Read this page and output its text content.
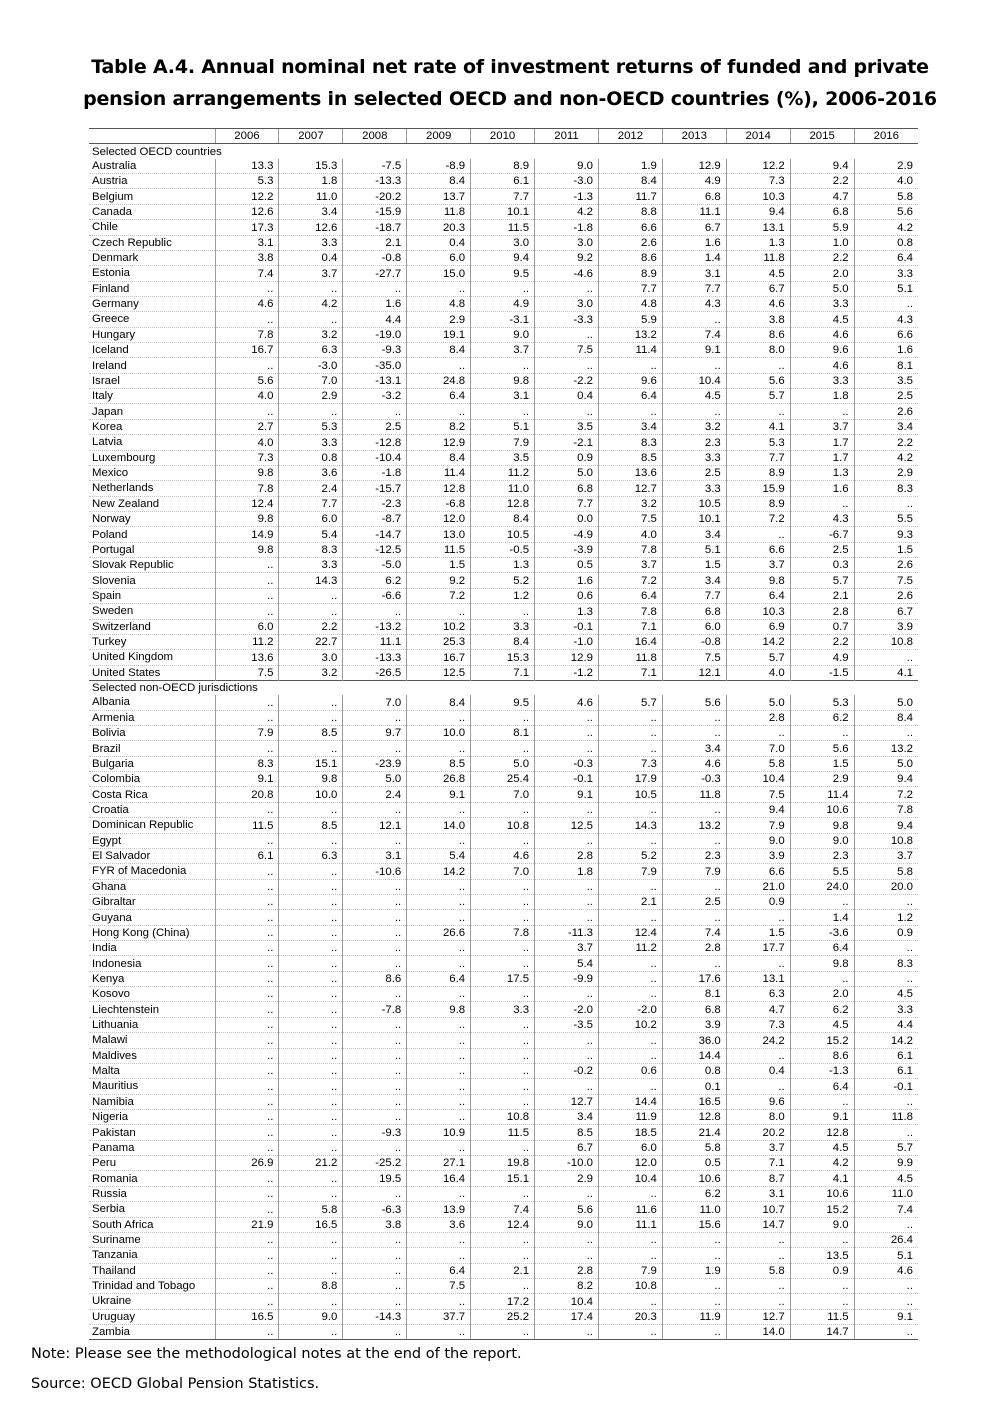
Table A.4. Annual nominal net rate of investment returns of funded and private pension arrangements in selected OECD and non-OECD countries (%), 2006-2016
	2006	2007	2008	2009	2010	2011	2012	2013	2014	2015	2016
Selected OECD countries											
Australia	13.3	15.3	-7.5	-8.9	8.9	9.0	1.9	12.9	12.2	9.4	2.9
Austria	5.3	1.8	-13.3	8.4	6.1	-3.0	8.4	4.9	7.3	2.2	4.0
Belgium	12.2	11.0	-20.2	13.7	7.7	-1.3	11.7	6.8	10.3	4.7	5.8
Canada	12.6	3.4	-15.9	11.8	10.1	4.2	8.8	11.1	9.4	6.8	5.6
Chile	17.3	12.6	-18.7	20.3	11.5	-1.8	6.6	6.7	13.1	5.9	4.2
Czech Republic	3.1	3.3	2.1	0.4	3.0	3.0	2.6	1.6	1.3	1.0	0.8
Denmark	3.8	0.4	-0.8	6.0	9.4	9.2	8.6	1.4	11.8	2.2	6.4
Estonia	7.4	3.7	-27.7	15.0	9.5	-4.6	8.9	3.1	4.5	2.0	3.3
Finland	..	..	..	..	..	..	7.7	7.7	6.7	5.0	5.1
Germany	4.6	4.2	1.6	4.8	4.9	3.0	4.8	4.3	4.6	3.3	..
Greece	..	..	4.4	2.9	-3.1	-3.3	5.9	..	3.8	4.5	4.3
Hungary	7.8	3.2	-19.0	19.1	9.0	..	13.2	7.4	8.6	4.6	6.6
Iceland	16.7	6.3	-9.3	8.4	3.7	7.5	11.4	9.1	8.0	9.6	1.6
Ireland	..	-3.0	-35.0	..	..	..	..	..	..	4.6	8.1
Israel	5.6	7.0	-13.1	24.8	9.8	-2.2	9.6	10.4	5.6	3.3	3.5
Italy	4.0	2.9	-3.2	6.4	3.1	0.4	6.4	4.5	5.7	1.8	2.5
Japan	..	..	..	..	..	..	..	..	..	..	2.6
Korea	2.7	5.3	2.5	8.2	5.1	3.5	3.4	3.2	4.1	3.7	3.4
Latvia	4.0	3.3	-12.8	12.9	7.9	-2.1	8.3	2.3	5.3	1.7	2.2
Luxembourg	7.3	0.8	-10.4	8.4	3.5	0.9	8.5	3.3	7.7	1.7	4.2
Mexico	9.8	3.6	-1.8	11.4	11.2	5.0	13.6	2.5	8.9	1.3	2.9
Netherlands	7.8	2.4	-15.7	12.8	11.0	6.8	12.7	3.3	15.9	1.6	8.3
New Zealand	12.4	7.7	-2.3	-6.8	12.8	7.7	3.2	10.5	8.9	..	..
Norway	9.8	6.0	-8.7	12.0	8.4	0.0	7.5	10.1	7.2	4.3	5.5
Poland	14.9	5.4	-14.7	13.0	10.5	-4.9	4.0	3.4	..	-6.7	9.3
Portugal	9.8	8.3	-12.5	11.5	-0.5	-3.9	7.8	5.1	6.6	2.5	1.5
Slovak Republic	..	3.3	-5.0	1.5	1.3	0.5	3.7	1.5	3.7	0.3	2.6
Slovenia	..	14.3	6.2	9.2	5.2	1.6	7.2	3.4	9.8	5.7	7.5
Spain	..	..	-6.6	7.2	1.2	0.6	6.4	7.7	6.4	2.1	2.6
Sweden	..	..	..	..	..	1.3	7.8	6.8	10.3	2.8	6.7
Switzerland	6.0	2.2	-13.2	10.2	3.3	-0.1	7.1	6.0	6.9	0.7	3.9
Turkey	11.2	22.7	11.1	25.3	8.4	-1.0	16.4	-0.8	14.2	2.2	10.8
United Kingdom	13.6	3.0	-13.3	16.7	15.3	12.9	11.8	7.5	5.7	4.9	..
United States	7.5	3.2	-26.5	12.5	7.1	-1.2	7.1	12.1	4.0	-1.5	4.1
Selected non-OECD jurisdictions											
Albania	..	..	7.0	8.4	9.5	4.6	5.7	5.6	5.0	5.3	5.0
Armenia	..	..	..	..	..	..	..	..	2.8	6.2	8.4
Bolivia	7.9	8.5	9.7	10.0	8.1	..	..	..	..	..	..
Brazil	..	..	..	..	..	..	..	3.4	7.0	5.6	13.2
Bulgaria	8.3	15.1	-23.9	8.5	5.0	-0.3	7.3	4.6	5.8	1.5	5.0
Colombia	9.1	9.8	5.0	26.8	25.4	-0.1	17.9	-0.3	10.4	2.9	9.4
Costa Rica	20.8	10.0	2.4	9.1	7.0	9.1	10.5	11.8	7.5	11.4	7.2
Croatia	..	..	..	..	..	..	..	..	9.4	10.6	7.8
Dominican Republic	11.5	8.5	12.1	14.0	10.8	12.5	14.3	13.2	7.9	9.8	9.4
Egypt	..	..	..	..	..	..	..	..	9.0	9.0	10.8
El Salvador	6.1	6.3	3.1	5.4	4.6	2.8	5.2	2.3	3.9	2.3	3.7
FYR of Macedonia	..	..	-10.6	14.2	7.0	1.8	7.9	7.9	6.6	5.5	5.8
Ghana	..	..	..	..	..	..	..	..	21.0	24.0	20.0
Gibraltar	..	..	..	..	..	..	2.1	2.5	0.9	..	..
Guyana	..	..	..	..	..	..	..	..	..	1.4	1.2
Hong Kong (China)	..	..	..	26.6	7.8	-11.3	12.4	7.4	1.5	-3.6	0.9
India	..	..	..	..	..	3.7	11.2	2.8	17.7	6.4	..
Indonesia	..	..	..	..	..	5.4	..	..	..	9.8	8.3
Kenya	..	..	8.6	6.4	17.5	-9.9	..	17.6	13.1	..	..
Kosovo	..	..	..	..	..	..	..	8.1	6.3	2.0	4.5
Liechtenstein	..	..	-7.8	9.8	3.3	-2.0	-2.0	6.8	4.7	6.2	3.3
Lithuania	..	..	..	..	..	-3.5	10.2	3.9	7.3	4.5	4.4
Malawi	..	..	..	..	..	..	..	36.0	24.2	15.2	14.2
Maldives	..	..	..	..	..	..	..	14.4	..	8.6	6.1
Malta	..	..	..	..	..	-0.2	0.6	0.8	0.4	-1.3	6.1
Mauritius	..	..	..	..	..	..	..	0.1	..	6.4	-0.1
Namibia	..	..	..	..	..	12.7	14.4	16.5	9.6	..	..
Nigeria	..	..	..	..	10.8	3.4	11.9	12.8	8.0	9.1	11.8
Pakistan	..	..	-9.3	10.9	11.5	8.5	18.5	21.4	20.2	12.8	..
Panama	..	..	..	..	..	6.7	6.0	5.8	3.7	4.5	5.7
Peru	26.9	21.2	-25.2	27.1	19.8	-10.0	12.0	0.5	7.1	4.2	9.9
Romania	..	..	19.5	16.4	15.1	2.9	10.4	10.6	8.7	4.1	4.5
Russia	..	..	..	..	..	..	..	6.2	3.1	10.6	11.0
Serbia	..	5.8	-6.3	13.9	7.4	5.6	11.6	11.0	10.7	15.2	7.4
South Africa	21.9	16.5	3.8	3.6	12.4	9.0	11.1	15.6	14.7	9.0	..
Suriname	..	..	..	..	..	..	..	..	..	..	26.4
Tanzania	..	..	..	..	..	..	..	..	..	13.5	5.1
Thailand	..	..	..	6.4	2.1	2.8	7.9	1.9	5.8	0.9	4.6
Trinidad and Tobago	..	8.8	..	7.5	..	8.2	10.8	..	..	..	..
Ukraine	..	..	..	..	17.2	10.4	..	..	..	..	..
Uruguay	16.5	9.0	-14.3	37.7	25.2	17.4	20.3	11.9	12.7	11.5	9.1
Zambia	..	..	..	..	..	..	..	..	14.0	14.7	..

Note: Please see the methodological notes at the end of the report.

Source: OECD Global Pension Statistics.
